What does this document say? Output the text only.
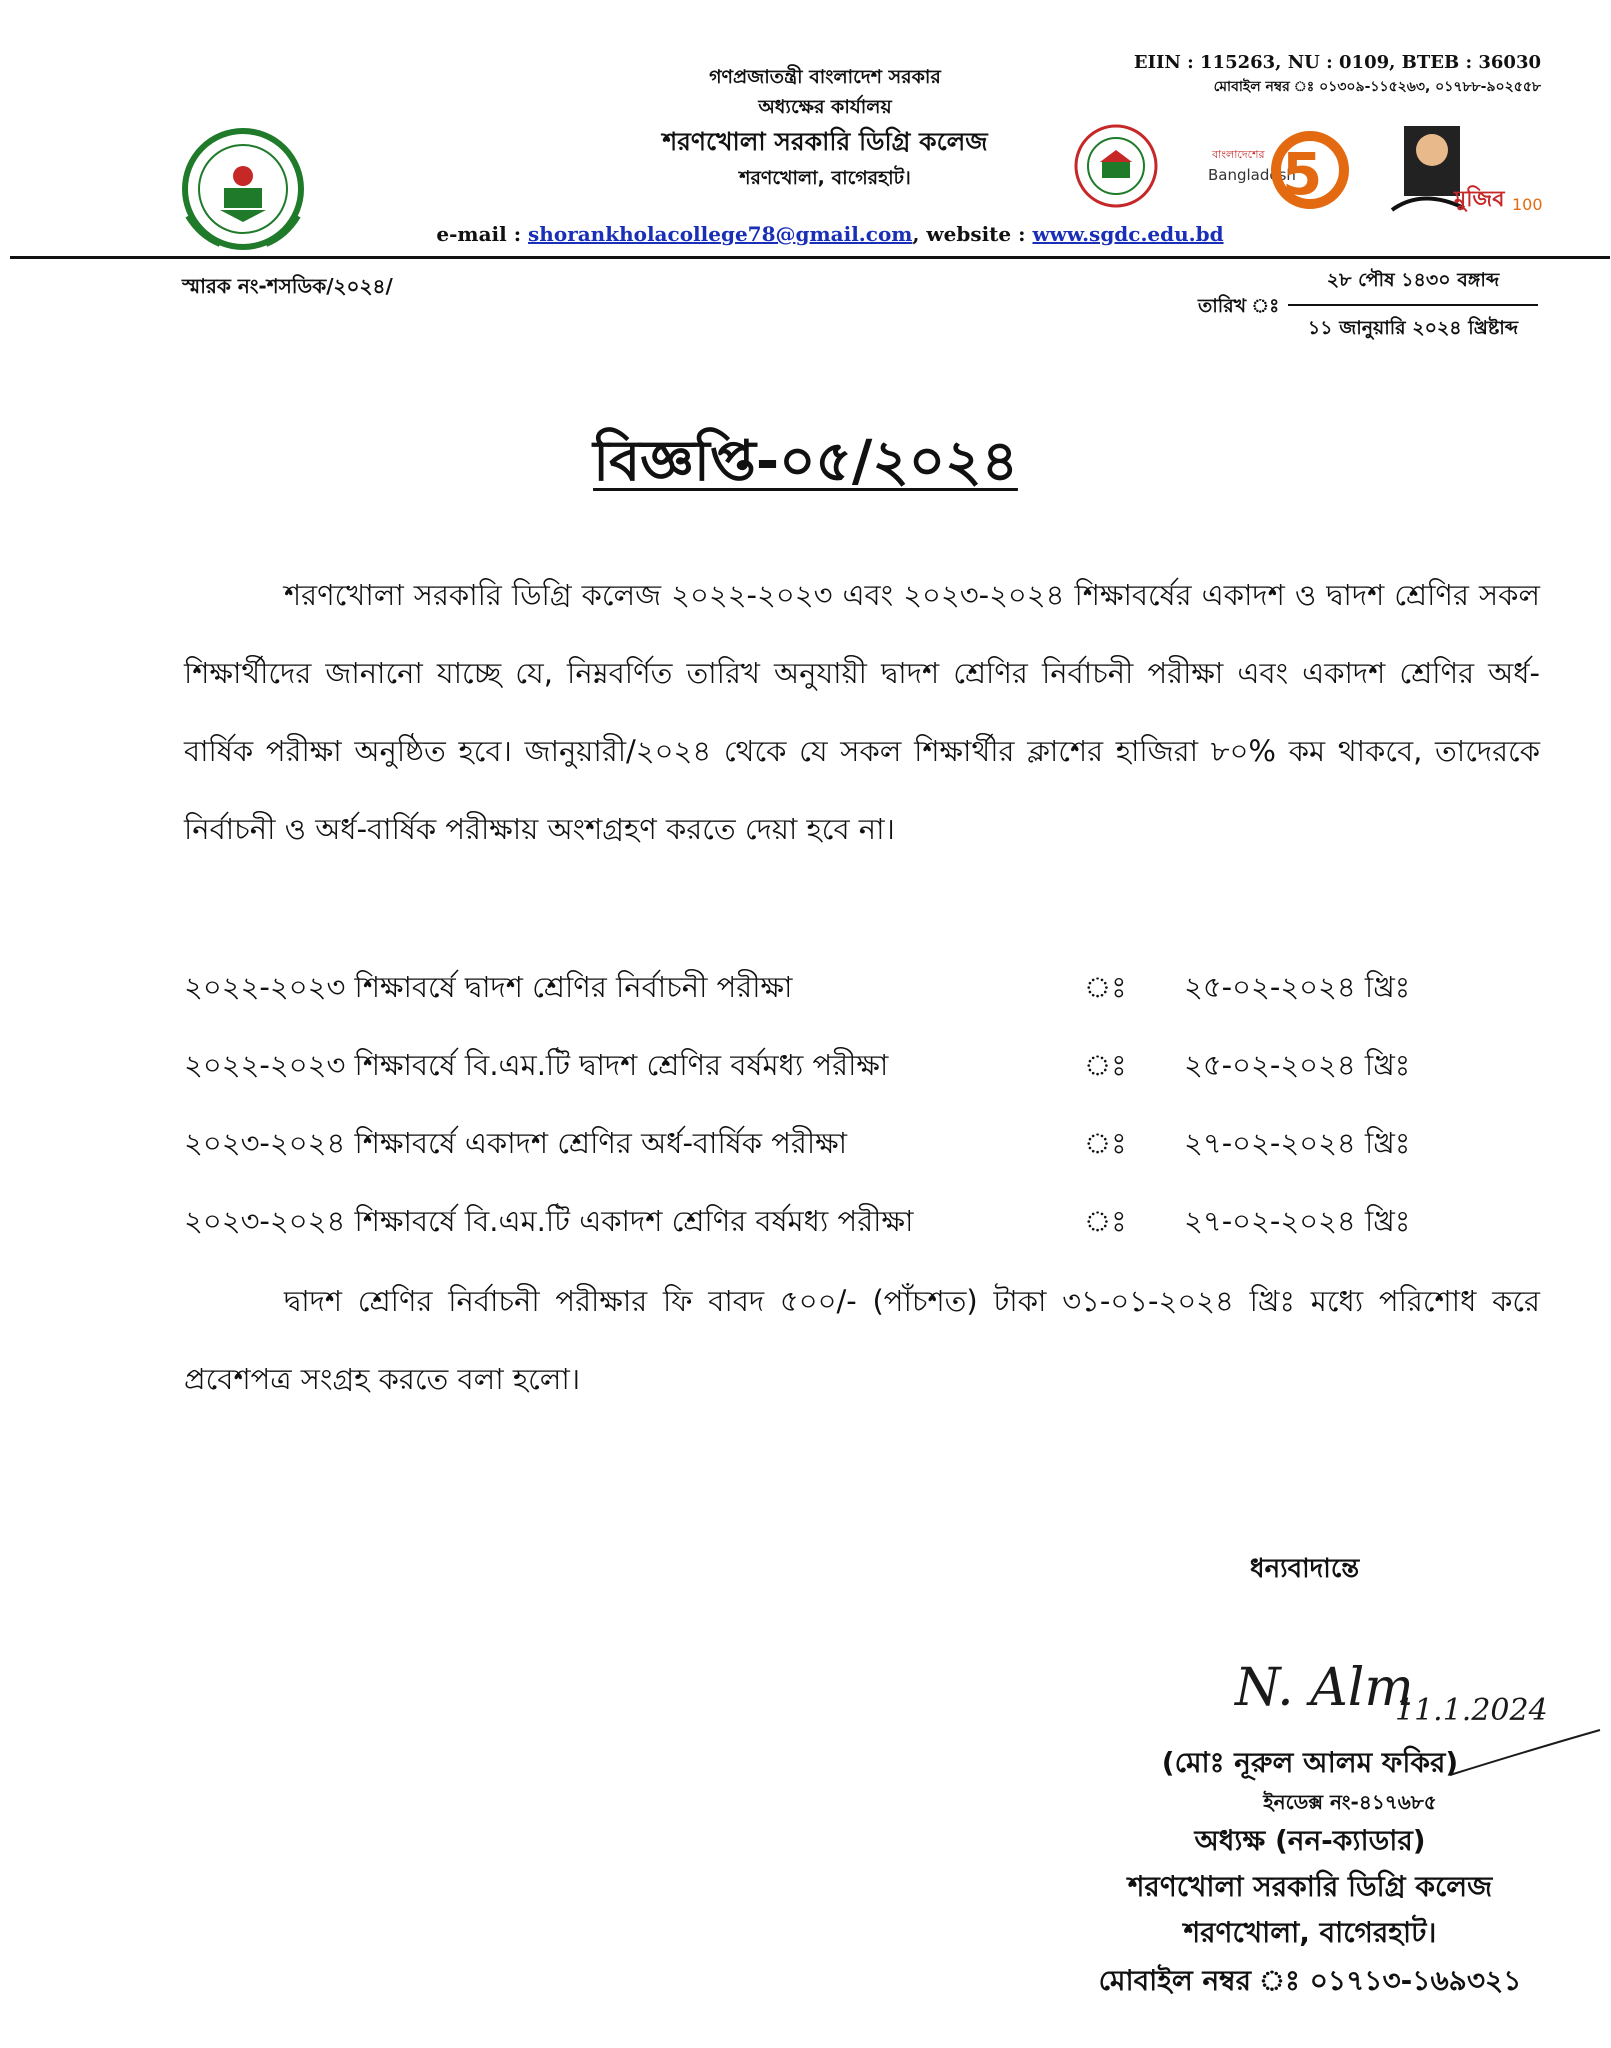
গণপ্রজাতন্ত্রী বাংলাদেশ সরকার
অধ্যক্ষের কার্যালয়
শরণখোলা সরকারি ডিগ্রি কলেজ
শরণখোলা, বাগেরহাট।
e-mail : shorankholacollege78@gmail.com, website : www.sgdc.edu.bd
EIIN : 115263, NU : 0109, BTEB : 36030
মোবাইল নম্বর ঃ ০১৩০৯-১১৫২৬৩, ০১৭৮৮-৯০২৫৫৮
বাংলাদেশের
Bangladesh
5	মুজিব 100
স্মারক নং-শসডিক/২০২৪/
তারিখ ঃ
২৮ পৌষ ১৪৩০ বঙ্গাব্দ
১১ জানুয়ারি ২০২৪ খ্রিষ্টাব্দ
বিজ্ঞপ্তি-০৫/২০২৪
শরণখোলা সরকারি ডিগ্রি কলেজ ২০২২-২০২৩ এবং ২০২৩-২০২৪ শিক্ষাবর্ষের একাদশ ও দ্বাদশ শ্রেণির সকল শিক্ষার্থীদের জানানো যাচ্ছে যে, নিম্নবর্ণিত তারিখ অনুযায়ী দ্বাদশ শ্রেণির নির্বাচনী পরীক্ষা এবং একাদশ শ্রেণির অর্ধ-বার্ষিক পরীক্ষা অনুষ্ঠিত হবে। জানুয়ারী/২০২৪ থেকে যে সকল শিক্ষার্থীর ক্লাশের হাজিরা ৮০% কম থাকবে, তাদেরকে নির্বাচনী ও অর্ধ-বার্ষিক পরীক্ষায় অংশগ্রহণ করতে দেয়া হবে না।
২০২২-২০২৩ শিক্ষাবর্ষে দ্বাদশ শ্রেণির নির্বাচনী পরীক্ষা	ঃ ২৫-০২-২০২৪ খ্রিঃ
২০২২-২০২৩ শিক্ষাবর্ষে বি.এম.টি দ্বাদশ শ্রেণির বর্ষমধ্য পরীক্ষা	ঃ ২৫-০২-২০২৪ খ্রিঃ
২০২৩-২০২৪ শিক্ষাবর্ষে একাদশ শ্রেণির অর্ধ-বার্ষিক পরীক্ষা	ঃ ২৭-০২-২০২৪ খ্রিঃ
২০২৩-২০২৪ শিক্ষাবর্ষে বি.এম.টি একাদশ শ্রেণির বর্ষমধ্য পরীক্ষা	ঃ ২৭-০২-২০২৪ খ্রিঃ
দ্বাদশ শ্রেণির নির্বাচনী পরীক্ষার ফি বাবদ ৫০০/- (পাঁচশত) টাকা ৩১-০১-২০২৪ খ্রিঃ মধ্যে পরিশোধ করে প্রবেশপত্র সংগ্রহ করতে বলা হলো।
ধন্যবাদান্তে
N. Alm
11.1.2024
(মোঃ নূরুল আলম ফকির)
ইনডেক্স নং-৪১৭৬৮৫
অধ্যক্ষ (নন-ক্যাডার)
শরণখোলা সরকারি ডিগ্রি কলেজ
শরণখোলা, বাগেরহাট।
মোবাইল নম্বর ঃ ০১৭১৩-১৬৯৩২১
